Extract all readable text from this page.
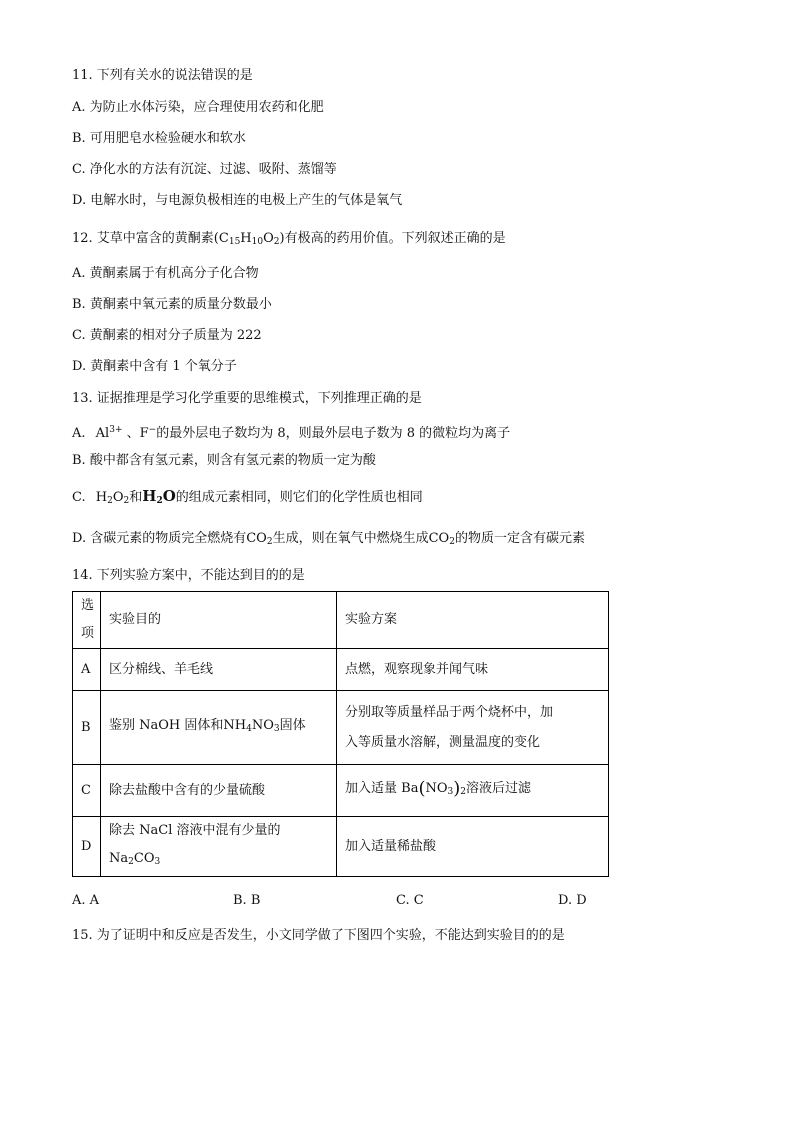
11. 下列有关水的说法错误的是
A. 为防止水体污染，应合理使用农药和化肥
B. 可用肥皂水检验硬水和软水
C. 净化水的方法有沉淀、过滤、吸附、蒸馏等
D. 电解水时，与电源负极相连的电极上产生的气体是氧气
12. 艾草中富含的黄酮素$(C_{15}H_{10}O_2)$有极高的药用价值。下列叙述正确的是
A. 黄酮素属于有机高分子化合物
B. 黄酮素中氧元素的质量分数最小
C. 黄酮素的相对分子质量为 222
D. 黄酮素中含有 1 个氧分子
13. 证据推理是学习化学重要的思维模式，下列推理正确的是
A. $Al^{3+}$ 、F−的最外层电子数均为 8，则最外层电子数为 8 的微粒均为离子
B. 酸中都含有氢元素，则含有氢元素的物质一定为酸
C. $H_2O_2$和$H_2O$的组成元素相同，则它们的化学性质也相同
D. 含碳元素的物质完全燃烧有$CO_2$生成，则在氧气中燃烧生成$CO_2$的物质一定含有碳元素
14. 下列实验方案中，不能达到目的的是
选项	实验目的	实验方案
A	区分棉线、羊毛线	点燃，观察现象并闻气味
B	鉴别 NaOH 固体和$NH_4NO_3$固体	分别取等质量样品于两个烧杯中，加
入等质量水溶解，测量温度的变化

C	除去盐酸中含有的少量硫酸	加入适量 $Ba(NO_3)_2$溶液后过滤
D	除去 NaCl 溶液中混有少量的$Na_2CO_3$	加入适量稀盐酸
A. A	B. B	C. C	D. D
15. 为了证明中和反应是否发生，小文同学做了下图四个实验，不能达到实验目的的是
